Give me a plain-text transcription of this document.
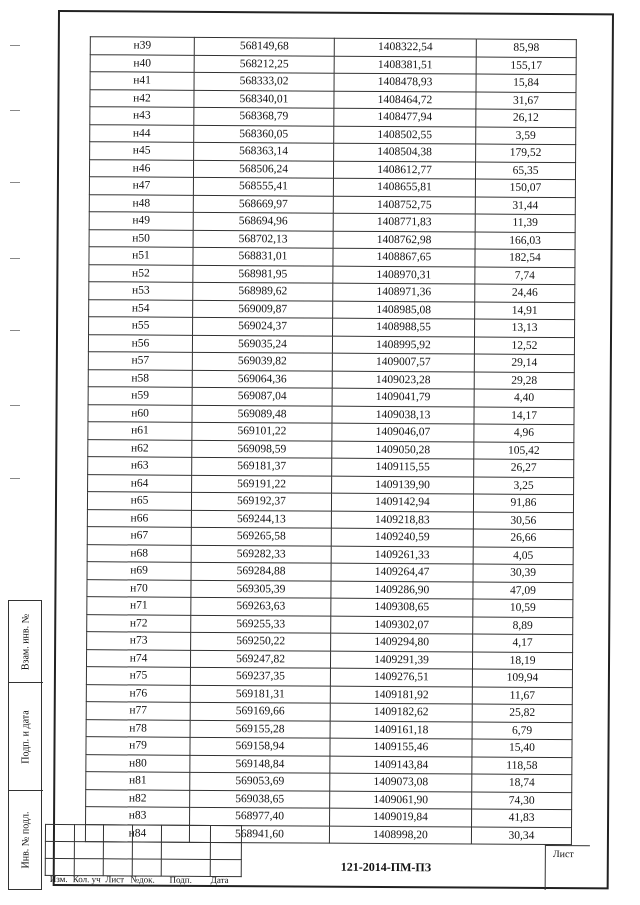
н39	568149,68	1408322,54	85,98
н40	568212,25	1408381,51	155,17
н41	568333,02	1408478,93	15,84
н42	568340,01	1408464,72	31,67
н43	568368,79	1408477,94	26,12
н44	568360,05	1408502,55	3,59
н45	568363,14	1408504,38	179,52
н46	568506,24	1408612,77	65,35
н47	568555,41	1408655,81	150,07
н48	568669,97	1408752,75	31,44
н49	568694,96	1408771,83	11,39
н50	568702,13	1408762,98	166,03
н51	568831,01	1408867,65	182,54
н52	568981,95	1408970,31	7,74
н53	568989,62	1408971,36	24,46
н54	569009,87	1408985,08	14,91
н55	569024,37	1408988,55	13,13
н56	569035,24	1408995,92	12,52
н57	569039,82	1409007,57	29,14
н58	569064,36	1409023,28	29,28
н59	569087,04	1409041,79	4,40
н60	569089,48	1409038,13	14,17
н61	569101,22	1409046,07	4,96
н62	569098,59	1409050,28	105,42
н63	569181,37	1409115,55	26,27
н64	569191,22	1409139,90	3,25
н65	569192,37	1409142,94	91,86
н66	569244,13	1409218,83	30,56
н67	569265,58	1409240,59	26,66
н68	569282,33	1409261,33	4,05
н69	569284,88	1409264,47	30,39
н70	569305,39	1409286,90	47,09
н71	569263,63	1409308,65	10,59
н72	569255,33	1409302,07	8,89
н73	569250,22	1409294,80	4,17
н74	569247,82	1409291,39	18,19
н75	569237,35	1409276,51	109,94
н76	569181,31	1409181,92	11,67
н77	569169,66	1409182,62	25,82
н78	569155,28	1409161,18	6,79
н79	569158,94	1409155,46	15,40
н80	569148,84	1409143,84	118,58
н81	569053,69	1409073,08	18,74
н82	569038,65	1409061,90	74,30
н83	568977,40	1409019,84	41,83
н84	568941,60	1408998,20	30,34

Изм. Кол. уч Лист №док.	Подп.	Дата
121-2014-ПМ-ПЗ
Лист
Взам. инв. №
Подп. и дата
Инв. № подл.
